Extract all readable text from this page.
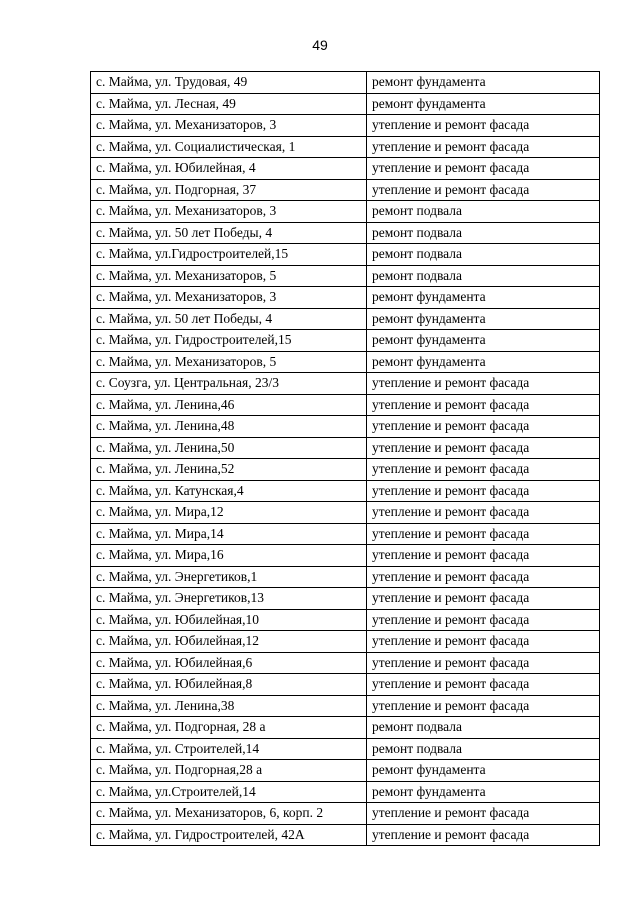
49
с. Майма, ул. Трудовая, 49	ремонт фундамента
с. Майма, ул. Лесная, 49	ремонт фундамента
с. Майма, ул. Механизаторов, 3	утепление и ремонт фасада
с. Майма, ул. Социалистическая, 1	утепление и ремонт фасада
с. Майма, ул. Юбилейная, 4	утепление и ремонт фасада
с. Майма, ул. Подгорная, 37	утепление и ремонт фасада
с. Майма, ул. Механизаторов, 3	ремонт подвала
с. Майма, ул. 50 лет Победы, 4	ремонт подвала
с. Майма, ул.Гидростроителей,15	ремонт подвала
с. Майма, ул. Механизаторов, 5	ремонт подвала
с. Майма, ул. Механизаторов, 3	ремонт фундамента
с. Майма, ул. 50 лет Победы, 4	ремонт фундамента
с. Майма, ул. Гидростроителей,15	ремонт фундамента
с. Майма, ул. Механизаторов, 5	ремонт фундамента
с. Соузга, ул. Центральная, 23/3	утепление и ремонт фасада
с. Майма, ул. Ленина,46	утепление и ремонт фасада
с. Майма, ул. Ленина,48	утепление и ремонт фасада
с. Майма, ул. Ленина,50	утепление и ремонт фасада
с. Майма, ул. Ленина,52	утепление и ремонт фасада
с. Майма, ул. Катунская,4	утепление и ремонт фасада
с. Майма, ул. Мира,12	утепление и ремонт фасада
с. Майма, ул. Мира,14	утепление и ремонт фасада
с. Майма, ул. Мира,16	утепление и ремонт фасада
с. Майма, ул. Энергетиков,1	утепление и ремонт фасада
с. Майма, ул. Энергетиков,13	утепление и ремонт фасада
с. Майма, ул. Юбилейная,10	утепление и ремонт фасада
с. Майма, ул. Юбилейная,12	утепление и ремонт фасада
с. Майма, ул. Юбилейная,6	утепление и ремонт фасада
с. Майма, ул. Юбилейная,8	утепление и ремонт фасада
с. Майма, ул. Ленина,38	утепление и ремонт фасада
с. Майма, ул. Подгорная, 28 а	ремонт подвала
с. Майма, ул. Строителей,14	ремонт подвала
с. Майма, ул. Подгорная,28 а	ремонт фундамента
с. Майма, ул.Строителей,14	ремонт фундамента
с. Майма, ул. Механизаторов, 6, корп. 2	утепление и ремонт фасада
с. Майма, ул. Гидростроителей, 42А	утепление и ремонт фасада
